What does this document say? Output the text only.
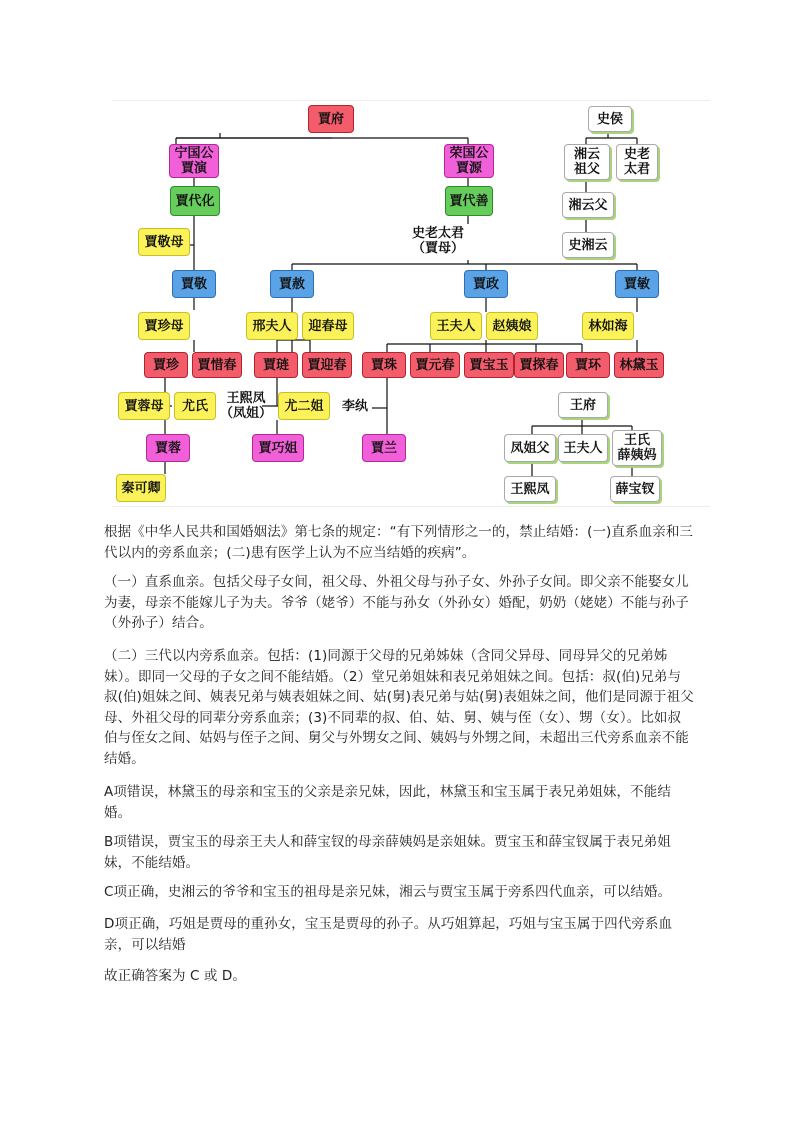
賈府
宁国公
賈演
荣国公
賈源
賈代化	賈代善
賈敬母
史老太君
（賈母）
賈敬	賈赦	賈政	賈敏
賈珍母	邢夫人	迎春母	王夫人	赵姨娘	林如海
賈珍	賈惜春	賈琏	賈迎春	賈珠	賈元春	賈宝玉 賈探春	賈环	林黛玉
賈蓉母	尤氏	王熙凤
（凤姐） 尤二姐	李纨
賈蓉	賈巧姐	賈兰
秦可卿
史侯
湘云
祖父
史老
太君
湘云父
史湘云
王府
凤姐父	王夫人	王氏
薛姨妈
王熙凤	薛宝钗

根据《中华人民共和国婚姻法》第七条的规定：“有下列情形之一的，禁止结婚：(一)直系血亲和三代以内的旁系血亲；(二)患有医学上认为不应当结婚的疾病”。

（一）直系血亲。包括父母子女间，祖父母、外祖父母与孙子女、外孙子女间。即父亲不能娶女儿为妻，母亲不能嫁儿子为夫。爷爷（姥爷）不能与孙女（外孙女）婚配，奶奶（姥姥）不能与孙子（外孙子）结合。

（二）三代以内旁系血亲。包括：(1)同源于父母的兄弟姊妹（含同父异母、同母异父的兄弟姊妹）。即同一父母的子女之间不能结婚。（2）堂兄弟姐妹和表兄弟姐妹之间。包括：叔(伯)兄弟与叔(伯)姐妹之间、姨表兄弟与姨表姐妹之间、姑(舅)表兄弟与姑(舅)表姐妹之间，他们是同源于祖父母、外祖父母的同辈分旁系血亲；(3)不同辈的叔、伯、姑、舅、姨与侄（女）、甥（女）。比如叔伯与侄女之间、姑妈与侄子之间、舅父与外甥女之间、姨妈与外甥之间，未超出三代旁系血亲不能结婚。

A项错误，林黛玉的母亲和宝玉的父亲是亲兄妹，因此，林黛玉和宝玉属于表兄弟姐妹，不能结婚。

B项错误，贾宝玉的母亲王夫人和薛宝钗的母亲薛姨妈是亲姐妹。贾宝玉和薛宝钗属于表兄弟姐妹，不能结婚。

C项正确，史湘云的爷爷和宝玉的祖母是亲兄妹，湘云与贾宝玉属于旁系四代血亲，可以结婚。

D项正确，巧姐是贾母的重孙女，宝玉是贾母的孙子。从巧姐算起，巧姐与宝玉属于四代旁系血亲，可以结婚

故正确答案为 C 或 D。
